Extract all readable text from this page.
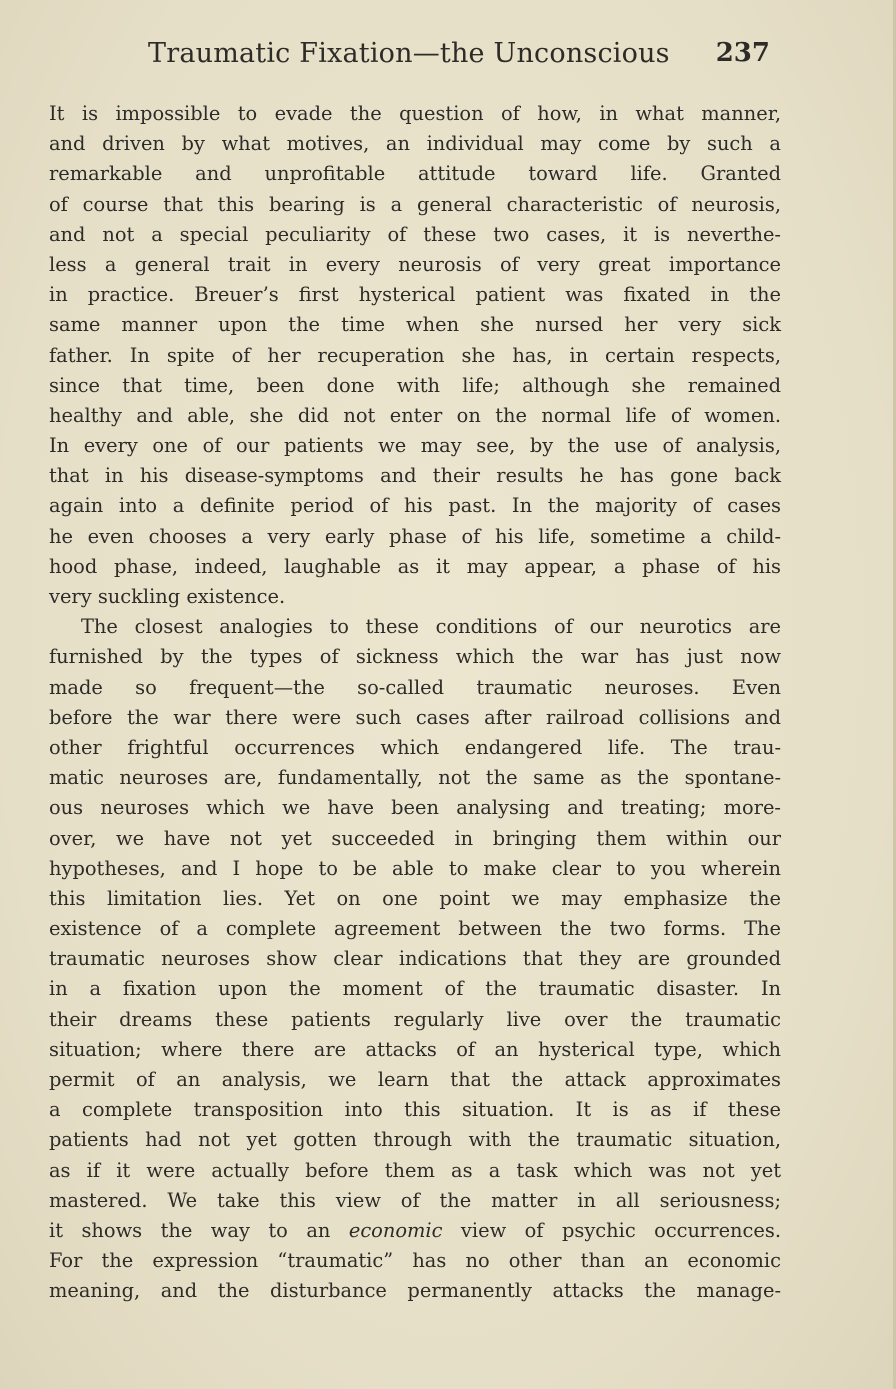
Traumatic Fixation—the Unconscious 237
It is impossible to evade the question of how, in what manner,
and driven by what motives, an individual may come by such a
remarkable and unprofitable attitude toward life. Granted
of course that this bearing is a general characteristic of neurosis,
and not a special peculiarity of these two cases, it is neverthe-
less a general trait in every neurosis of very great importance
in practice. Breuer’s first hysterical patient was fixated in the
same manner upon the time when she nursed her very sick
father. In spite of her recuperation she has, in certain respects,
since that time, been done with life; although she remained
healthy and able, she did not enter on the normal life of women.
In every one of our patients we may see, by the use of analysis,
that in his disease-symptoms and their results he has gone back
again into a definite period of his past. In the majority of cases
he even chooses a very early phase of his life, sometime a child-
hood phase, indeed, laughable as it may appear, a phase of his
very suckling existence.
The closest analogies to these conditions of our neurotics are
furnished by the types of sickness which the war has just now
made so frequent—the so-called traumatic neuroses. Even
before the war there were such cases after railroad collisions and
other frightful occurrences which endangered life. The trau-
matic neuroses are, fundamentally, not the same as the spontane-
ous neuroses which we have been analysing and treating; more-
over, we have not yet succeeded in bringing them within our
hypotheses, and I hope to be able to make clear to you wherein
this limitation lies. Yet on one point we may emphasize the
existence of a complete agreement between the two forms. The
traumatic neuroses show clear indications that they are grounded
in a fixation upon the moment of the traumatic disaster. In
their dreams these patients regularly live over the traumatic
situation; where there are attacks of an hysterical type, which
permit of an analysis, we learn that the attack approximates
a complete transposition into this situation. It is as if these
patients had not yet gotten through with the traumatic situation,
as if it were actually before them as a task which was not yet
mastered. We take this view of the matter in all seriousness;
it shows the way to an economic view of psychic occurrences.
For the expression “traumatic” has no other than an economic
meaning, and the disturbance permanently attacks the manage-
